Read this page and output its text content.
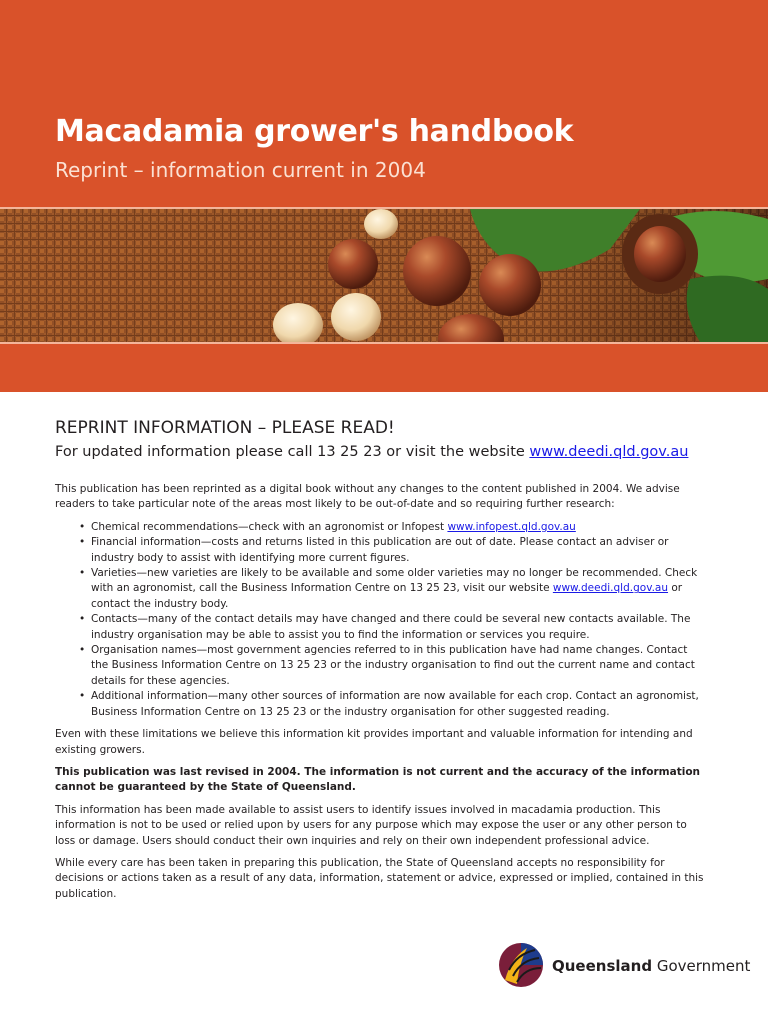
Macadamia grower's handbook

Reprint – information current in 2004

REPRINT INFORMATION – PLEASE READ!
For updated information please call 13 25 23 or visit the website www.deedi.qld.gov.au

This publication has been reprinted as a digital book without any changes to the content published in 2004. We advise readers to take particular note of the areas most likely to be out-of-date and so requiring further research:

• Chemical recommendations—check with an agronomist or Infopest www.infopest.qld.gov.au
• Financial information—costs and returns listed in this publication are out of date. Please contact an adviser or industry body to assist with identifying more current figures.
• Varieties—new varieties are likely to be available and some older varieties may no longer be recommended. Check with an agronomist, call the Business Information Centre on 13 25 23, visit our website www.deedi.qld.gov.au or contact the industry body.
• Contacts—many of the contact details may have changed and there could be several new contacts available. The industry organisation may be able to assist you to find the information or services you require.
• Organisation names—most government agencies referred to in this publication have had name changes. Contact the Business Information Centre on 13 25 23 or the industry organisation to find out the current name and contact details for these agencies.
• Additional information—many other sources of information are now available for each crop. Contact an agronomist, Business Information Centre on 13 25 23 or the industry organisation for other suggested reading.

Even with these limitations we believe this information kit provides important and valuable information for intending and existing growers.

This publication was last revised in 2004. The information is not current and the accuracy of the information cannot be guaranteed by the State of Queensland.

This information has been made available to assist users to identify issues involved in macadamia production. This information is not to be used or relied upon by users for any purpose which may expose the user or any other person to loss or damage. Users should conduct their own inquiries and rely on their own independent professional advice.

While every care has been taken in preparing this publication, the State of Queensland accepts no responsibility for decisions or actions taken as a result of any data, information, statement or advice, expressed or implied, contained in this publication.

Queensland Government
